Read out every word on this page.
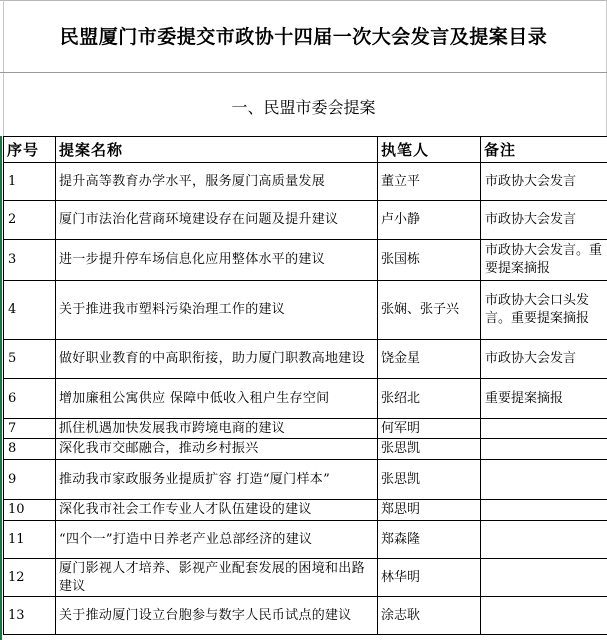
民盟厦门市委提交市政协十四届一次大会发言及提案目录
一、民盟市委会提案
序号	提案名称	执笔人	备注
1	提升高等教育办学水平，服务厦门高质量发展	董立平	市政协大会发言
2	厦门市法治化营商环境建设存在问题及提升建议	卢小静	市政协大会发言
3	进一步提升停车场信息化应用整体水平的建议	张国栋	市政协大会发言。重要提案摘报
4	关于推进我市塑料污染治理工作的建议	张娴、张子兴	市政协大会口头发言。重要提案摘报
5	做好职业教育的中高职衔接，助力厦门职教高地建设	饶金星	市政协大会发言
6	增加廉租公寓供应 保障中低收入租户生存空间	张绍北	重要提案摘报
7	抓住机遇加快发展我市跨境电商的建议	何军明	
8	深化我市交邮融合，推动乡村振兴	张思凯	
9	推动我市家政服务业提质扩容 打造“厦门样本”	张思凯	
10	深化我市社会工作专业人才队伍建设的建议	郑思明	
11	“四个一”打造中日养老产业总部经济的建议	郑森隆	
12	厦门影视人才培养、影视产业配套发展的困境和出路建议	林华明	
13	关于推动厦门设立台胞参与数字人民币试点的建议	涂志耿	
